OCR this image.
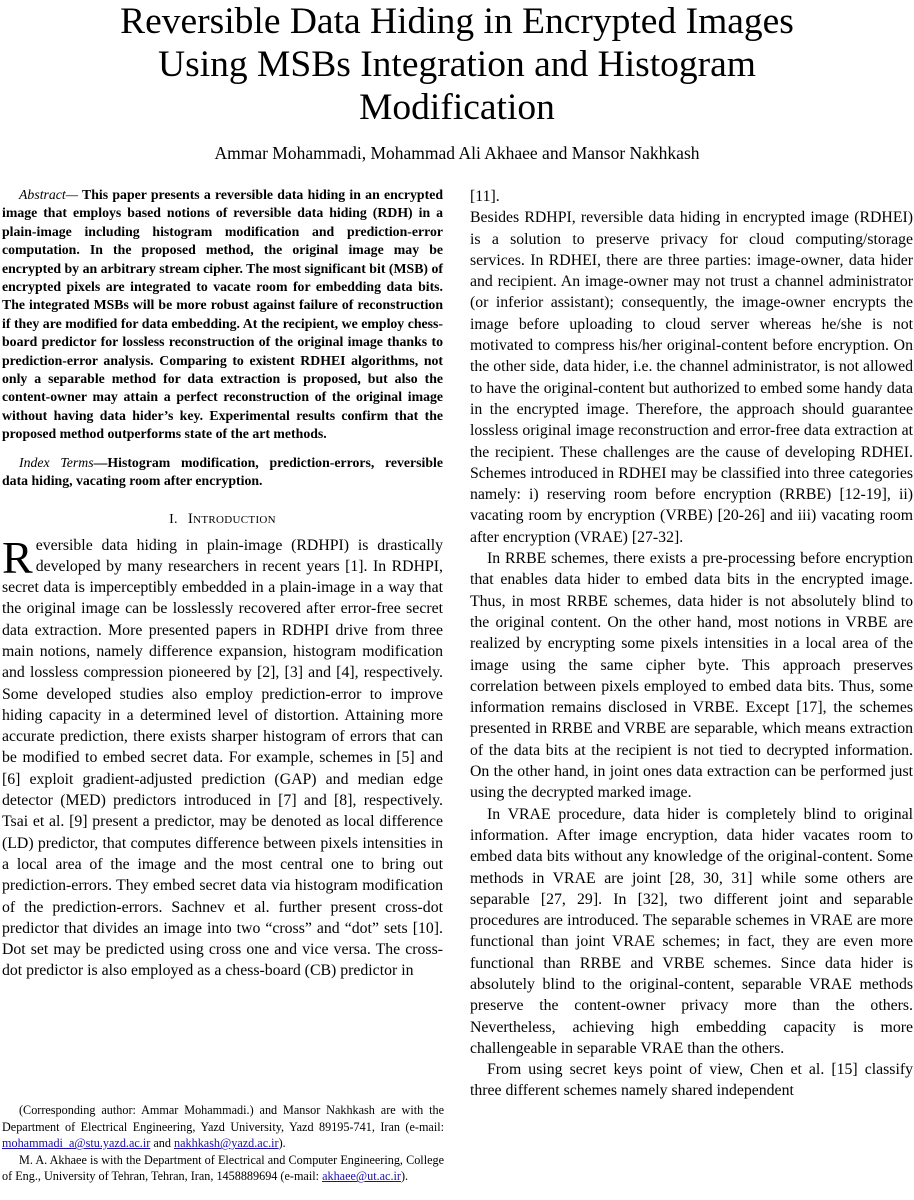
Reversible Data Hiding in Encrypted Images
Using MSBs Integration and Histogram
Modification
Ammar Mohammadi, Mohammad Ali Akhaee and Mansor Nakhkash

Abstract— This paper presents a reversible data hiding in an encrypted image that employs based notions of reversible data hiding (RDH) in a plain-image including histogram modification and prediction-error computation. In the proposed method, the original image may be encrypted by an arbitrary stream cipher. The most significant bit (MSB) of encrypted pixels are integrated to vacate room for embedding data bits. The integrated MSBs will be more robust against failure of reconstruction if they are modified for data embedding. At the recipient, we employ chess-board predictor for lossless reconstruction of the original image thanks to prediction-error analysis. Comparing to existent RDHEI algorithms, not only a separable method for data extraction is proposed, but also the content-owner may attain a perfect reconstruction of the original image without having data hider’s key. Experimental results confirm that the proposed method outperforms state of the art methods.

Index Terms—Histogram modification, prediction-errors, reversible data hiding, vacating room after encryption.

I. Introduction

Reversible data hiding in plain-image (RDHPI) is drastically developed by many researchers in recent years [1]. In RDHPI, secret data is imperceptibly embedded in a plain-image in a way that the original image can be losslessly recovered after error-free secret data extraction. More presented papers in RDHPI drive from three main notions, namely difference expansion, histogram modification and lossless compression pioneered by [2], [3] and [4], respectively. Some developed studies also employ prediction-error to improve hiding capacity in a determined level of distortion. Attaining more accurate prediction, there exists sharper histogram of errors that can be modified to embed secret data. For example, schemes in [5] and [6] exploit gradient-adjusted prediction (GAP) and median edge detector (MED) predictors introduced in [7] and [8], respectively. Tsai et al. [9] present a predictor, may be denoted as local difference (LD) predictor, that computes difference between pixels intensities in a local area of the image and the most central one to bring out prediction-errors. They embed secret data via histogram modification of the prediction-errors. Sachnev et al. further present cross-dot predictor that divides an image into two “cross” and “dot” sets [10]. Dot set may be predicted using cross one and vice versa. The cross-dot predictor is also employed as a chess-board (CB) predictor in

(Corresponding author: Ammar Mohammadi.) and Mansor Nakhkash are with the Department of Electrical Engineering, Yazd University, Yazd 89195-741, Iran (e-mail: mohammadi_a@stu.yazd.ac.ir and nakhkash@yazd.ac.ir).

M. A. Akhaee is with the Department of Electrical and Computer Engineering, College of Eng., University of Tehran, Tehran, Iran, 1458889694 (e-mail: akhaee@ut.ac.ir).

[11].

Besides RDHPI, reversible data hiding in encrypted image (RDHEI) is a solution to preserve privacy for cloud computing/storage services. In RDHEI, there are three parties: image-owner, data hider and recipient. An image-owner may not trust a channel administrator (or inferior assistant); consequently, the image-owner encrypts the image before uploading to cloud server whereas he/she is not motivated to compress his/her original-content before encryption. On the other side, data hider, i.e. the channel administrator, is not allowed to have the original-content but authorized to embed some handy data in the encrypted image. Therefore, the approach should guarantee lossless original image reconstruction and error-free data extraction at the recipient. These challenges are the cause of developing RDHEI. Schemes introduced in RDHEI may be classified into three categories namely: i) reserving room before encryption (RRBE) [12-19], ii) vacating room by encryption (VRBE) [20-26] and iii) vacating room after encryption (VRAE) [27-32].

In RRBE schemes, there exists a pre-processing before encryption that enables data hider to embed data bits in the encrypted image. Thus, in most RRBE schemes, data hider is not absolutely blind to the original content. On the other hand, most notions in VRBE are realized by encrypting some pixels intensities in a local area of the image using the same cipher byte. This approach preserves correlation between pixels employed to embed data bits. Thus, some information remains disclosed in VRBE. Except [17], the schemes presented in RRBE and VRBE are separable, which means extraction of the data bits at the recipient is not tied to decrypted information. On the other hand, in joint ones data extraction can be performed just using the decrypted marked image.

In VRAE procedure, data hider is completely blind to original information. After image encryption, data hider vacates room to embed data bits without any knowledge of the original-content. Some methods in VRAE are joint [28, 30, 31] while some others are separable [27, 29]. In [32], two different joint and separable procedures are introduced. The separable schemes in VRAE are more functional than joint VRAE schemes; in fact, they are even more functional than RRBE and VRBE schemes. Since data hider is absolutely blind to the original-content, separable VRAE methods preserve the content-owner privacy more than the others. Nevertheless, achieving high embedding capacity is more challengeable in separable VRAE than the others.

From using secret keys point of view, Chen et al. [15] classify three different schemes namely shared independent
